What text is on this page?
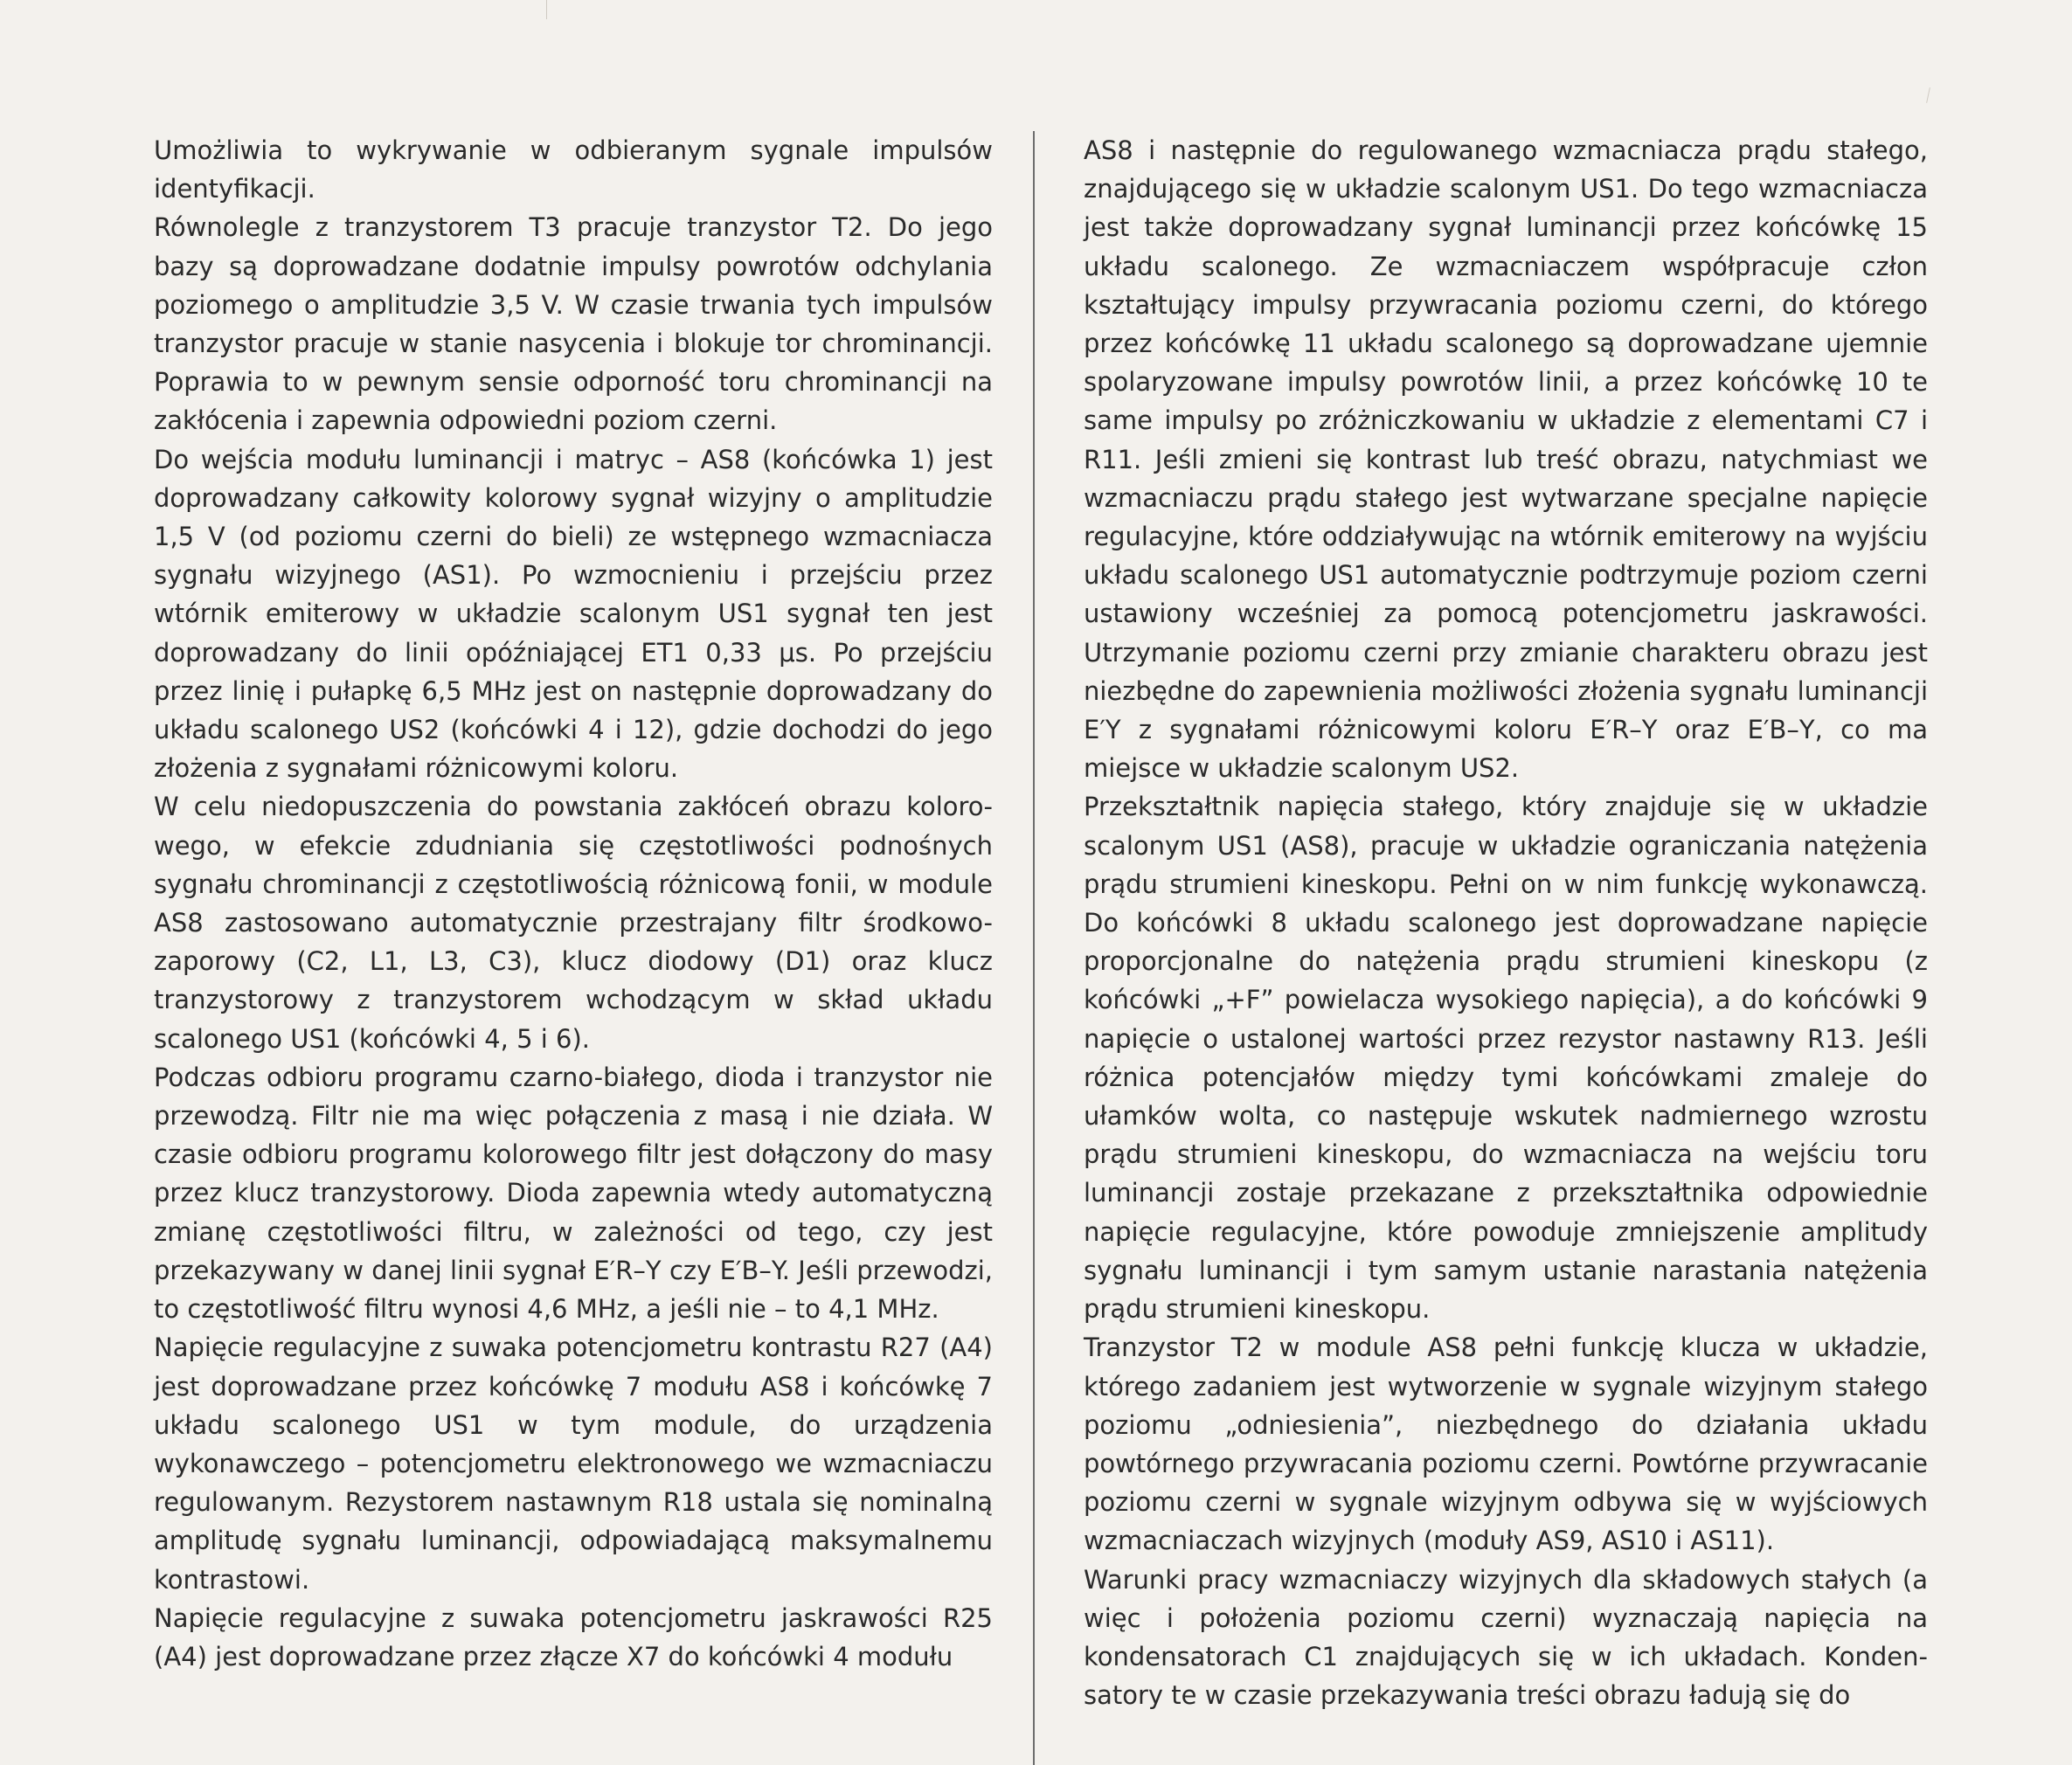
Umożliwia to wykrywanie w odbieranym sygnale impulsów identyfikacji.

Równolegle z tranzystorem T3 pracuje tranzystor T2. Do jego bazy są doprowadzane dodatnie impulsy powrotów odchylania poziomego o amplitudzie 3,5 V. W czasie trwania tych impulsów tranzystor pracuje w stanie nasycenia i blokuje tor chrominancji. Poprawia to w pewnym sensie odporność toru chrominancji na zakłócenia i zapewnia odpowiedni poziom czerni.

Do wejścia modułu luminancji i matryc – AS8 (końcówka 1) jest doprowadzany całkowity kolorowy sygnał wizyjny o amplitudzie 1,5 V (od poziomu czerni do bieli) ze wstępnego wzmacniacza sygnału wizyjnego (AS1). Po wzmocnieniu i przejściu przez wtórnik emiterowy w układzie scalonym US1 sygnał ten jest doprowadzany do linii opóźniającej ET1 0,33 μs. Po przejściu przez linię i pułapkę 6,5 MHz jest on następnie doprowadzany do układu scalonego US2 (końcówki 4 i 12), gdzie dochodzi do jego złożenia z sygnałami różnicowymi koloru.

W celu niedopuszczenia do powstania zakłóceń obrazu kolorowego, w efekcie zdudniania się częstotliwości podnośnych sygnału chrominancji z częstotliwością różnicową fonii, w module AS8 zastosowano automatycznie przestrajany filtr środkowo-zaporowy (C2, L1, L3, C3), klucz diodowy (D1) oraz klucz tranzystorowy z tranzystorem wchodzącym w skład układu scalonego US1 (końcówki 4, 5 i 6).

Podczas odbioru programu czarno-białego, dioda i tranzystor nie przewodzą. Filtr nie ma więc połączenia z masą i nie działa. W czasie odbioru programu kolorowego filtr jest dołączony do masy przez klucz tranzystorowy. Dioda zapewnia wtedy automatyczną zmianę częstotliwości filtru, w zależności od tego, czy jest przekazywany w danej linii sygnał E′R–Y czy E′B–Y. Jeśli przewodzi, to częstotliwość filtru wynosi 4,6 MHz, a jeśli nie – to 4,1 MHz.

Napięcie regulacyjne z suwaka potencjometru kontrastu R27 (A4) jest doprowadzane przez końcówkę 7 modułu AS8 i końcówkę 7 układu scalonego US1 w tym module, do urządzenia wykonawczego – potencjometru elektronowego we wzmacniaczu regulowanym. Rezystorem nastawnym R18 ustala się nominalną amplitudę sygnału luminancji, odpowiadającą maksymalnemu kontrastowi.

Napięcie regulacyjne z suwaka potencjometru jaskrawości R25 (A4) jest doprowadzane przez złącze X7 do końcówki 4 modułu

AS8 i następnie do regulowanego wzmacniacza prądu stałego, znajdującego się w układzie scalonym US1. Do tego wzmacniacza jest także doprowadzany sygnał luminancji przez końcówkę 15 układu scalonego. Ze wzmacniaczem współpracuje człon kształtujący impulsy przywracania poziomu czerni, do którego przez końcówkę 11 układu scalonego są doprowadzane ujemnie spolaryzowane impulsy powrotów linii, a przez końcówkę 10 te same impulsy po zróżniczkowaniu w układzie z elementami C7 i R11. Jeśli zmieni się kontrast lub treść obrazu, natychmiast we wzmacniaczu prądu stałego jest wytwarzane specjalne napięcie regulacyjne, które oddziaływując na wtórnik emiterowy na wyjściu układu scalonego US1 automatycznie podtrzymuje poziom czerni ustawiony wcześniej za pomocą potencjometru jaskrawości. Utrzymanie poziomu czerni przy zmianie charakteru obrazu jest niezbędne do zapewnienia możliwości złożenia sygnału luminancji E′Y z sygnałami różnicowymi koloru E′R–Y oraz E′B–Y, co ma miejsce w układzie scalonym US2.

Przekształtnik napięcia stałego, który znajduje się w układzie scalonym US1 (AS8), pracuje w układzie ograniczania natężenia prądu strumieni kineskopu. Pełni on w nim funkcję wykonawczą. Do końcówki 8 układu scalonego jest doprowadzane napięcie proporcjonalne do natężenia prądu strumieni kineskopu (z końcówki „+F” powielacza wysokiego napięcia), a do końcówki 9 napięcie o ustalonej wartości przez rezystor nastawny R13. Jeśli różnica potencjałów między tymi końcówkami zmaleje do ułamków wolta, co następuje wskutek nadmiernego wzrostu prądu strumieni kineskopu, do wzmacniacza na wejściu toru luminancji zostaje przekazane z przekształtnika odpowiednie napięcie regulacyjne, które powoduje zmniejszenie amplitudy sygnału luminancji i tym samym ustanie narastania natężenia prądu strumieni kineskopu.

Tranzystor T2 w module AS8 pełni funkcję klucza w układzie, którego zadaniem jest wytworzenie w sygnale wizyjnym stałego poziomu „odniesienia”, niezbędnego do działania układu powtórnego przywracania poziomu czerni. Powtórne przywracanie poziomu czerni w sygnale wizyjnym odbywa się w wyjściowych wzmacniaczach wizyjnych (moduły AS9, AS10 i AS11).

Warunki pracy wzmacniaczy wizyjnych dla składowych stałych (a więc i położenia poziomu czerni) wyznaczają napięcia na kondensatorach C1 znajdujących się w ich układach. Kondensatory te w czasie przekazywania treści obrazu ładują się do
